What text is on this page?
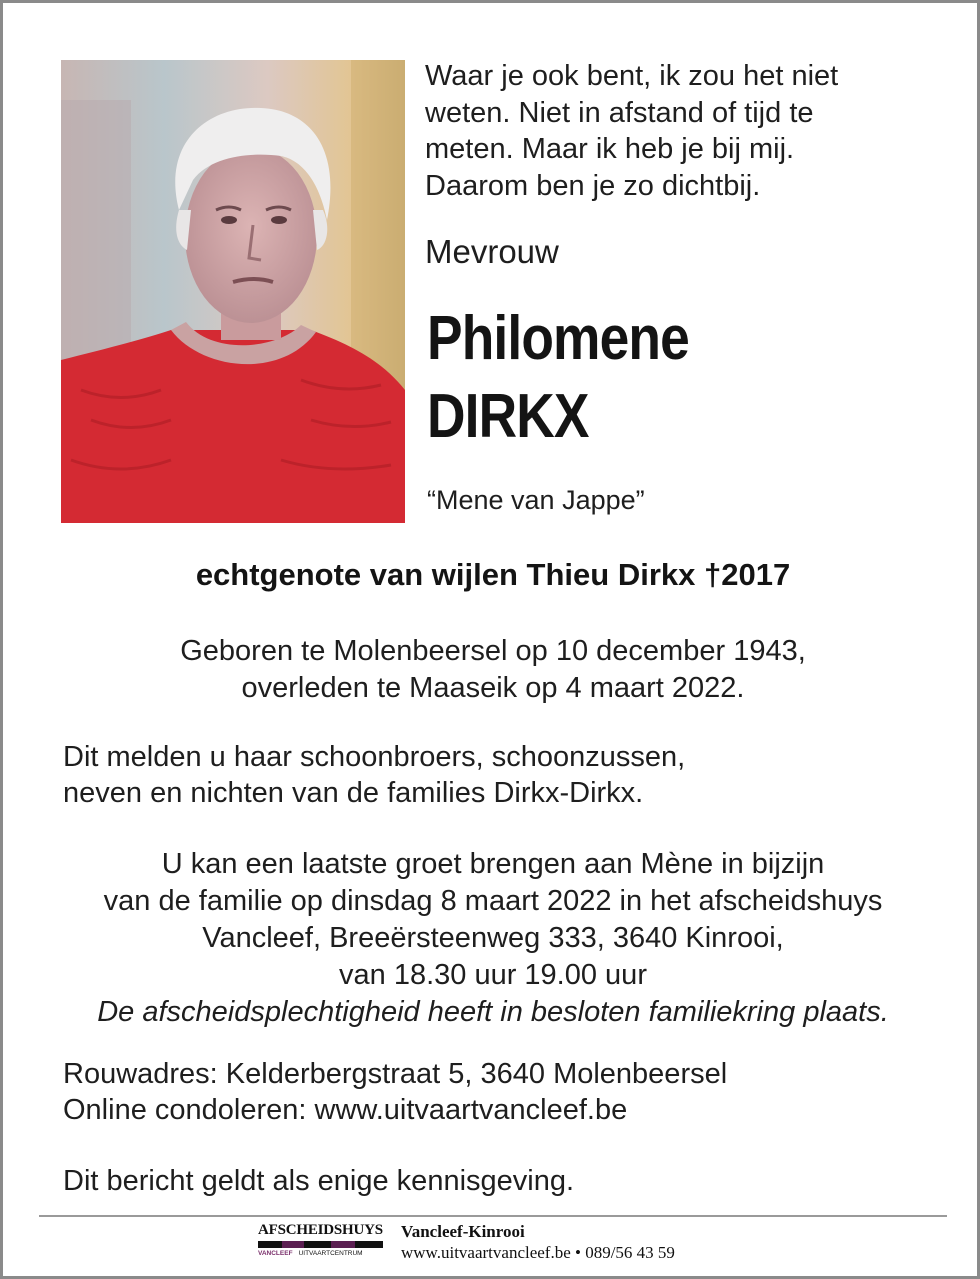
Waar je ook bent, ik zou het niet
weten. Niet in afstand of tijd te
meten. Maar ik heb je bij mij.
Daarom ben je zo dichtbij.
Mevrouw
Philomene
DIRKX
“Mene van Jappe”
echtgenote van wijlen Thieu Dirkx †2017
Geboren te Molenbeersel op 10 december 1943,
overleden te Maaseik op 4 maart 2022.
Dit melden u haar schoonbroers, schoonzussen,
neven en nichten van de families Dirkx-Dirkx.
U kan een laatste groet brengen aan Mène in bijzijn
van de familie op dinsdag 8 maart 2022 in het afscheidshuys
Vancleef, Breeërsteenweg 333, 3640 Kinrooi,
van 18.30 uur 19.00 uur
De afscheidsplechtigheid heeft in besloten familiekring plaats.
Rouwadres: Kelderbergstraat 5, 3640 Molenbeersel
Online condoleren: www.uitvaartvancleef.be
Dit bericht geldt als enige kennisgeving.
AFSCHEIDSHUYS
VANCLEEF UITVAARTCENTRUM
Vancleef-Kinrooi
www.uitvaartvancleef.be • 089/56 43 59
